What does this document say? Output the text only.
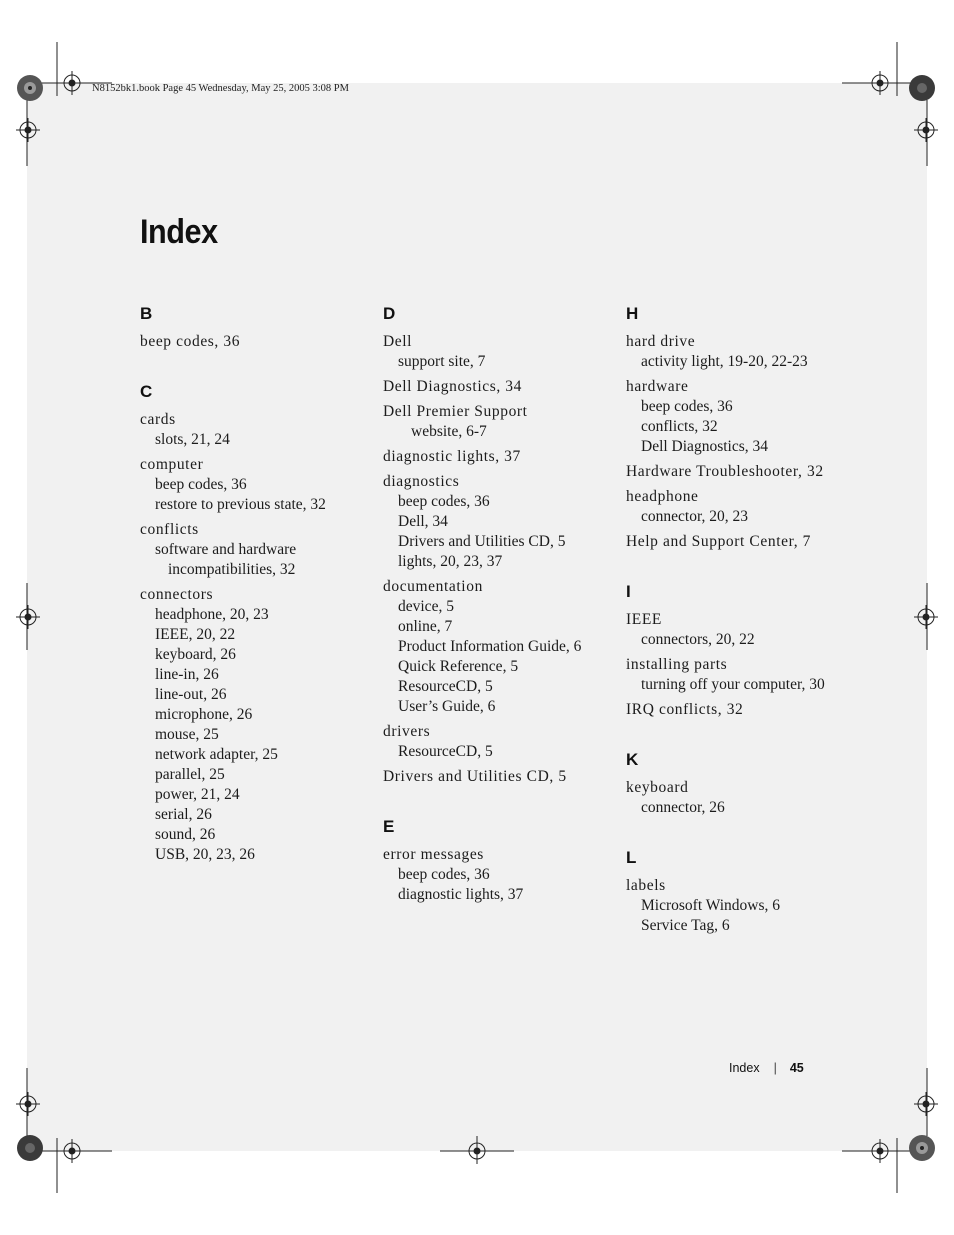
N8152bk1.book Page 45 Wednesday, May 25, 2005 3:08 PM
Index
B
beep codes, 36
C
cards
slots, 21, 24
computer
beep codes, 36
restore to previous state, 32
conflicts
software and hardware
incompatibilities, 32
connectors
headphone, 20, 23
IEEE, 20, 22
keyboard, 26
line-in, 26
line-out, 26
microphone, 26
mouse, 25
network adapter, 25
parallel, 25
power, 21, 24
serial, 26
sound, 26
USB, 20, 23, 26
D
Dell
support site, 7
Dell Diagnostics, 34
Dell Premier Support
website, 6-7
diagnostic lights, 37
diagnostics
beep codes, 36
Dell, 34
Drivers and Utilities CD, 5
lights, 20, 23, 37
documentation
device, 5
online, 7
Product Information Guide, 6
Quick Reference, 5
ResourceCD, 5
User’s Guide, 6
drivers
ResourceCD, 5
Drivers and Utilities CD, 5
E
error messages
beep codes, 36
diagnostic lights, 37
H
hard drive
activity light, 19-20, 22-23
hardware
beep codes, 36
conflicts, 32
Dell Diagnostics, 34
Hardware Troubleshooter, 32
headphone
connector, 20, 23
Help and Support Center, 7
I
IEEE
connectors, 20, 22
installing parts
turning off your computer, 30
IRQ conflicts, 32
K
keyboard
connector, 26
L
labels
Microsoft Windows, 6
Service Tag, 6
Index | 45
